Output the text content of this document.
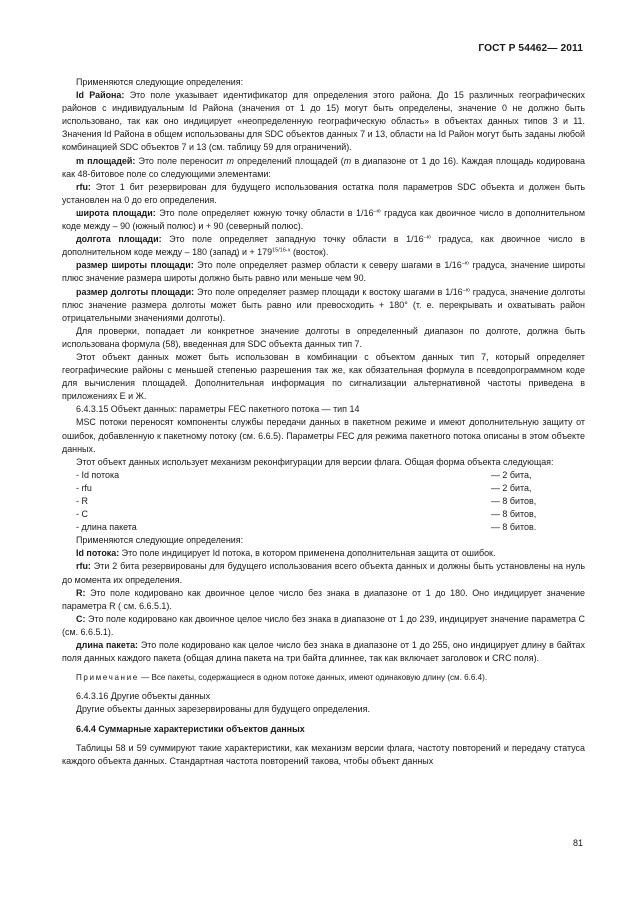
ГОСТ Р 54462— 2011

Применяются следующие определения:

Id Района: Это поле указывает идентификатор для определения этого района. До 15 различных географических районов с индивидуальным Id Района (значения от 1 до 15) могут быть определены, значение 0 не должно быть использовано, так как оно индицирует «неопределенную географическую область» в объектах данных типов 3 и 11. Значения Id Района в общем использованы для SDC объектов данных 7 и 13, области на Id Район могут быть заданы любой комбинацией SDC объектов 7 и 13 (см. таблицу 59 для ограничений).

m площадей: Это поле переносит m определений площадей (m в диапазоне от 1 до 16). Каждая площадь кодирована как 48-битовое поле со следующими элементами:

rfu: Этот 1 бит резервирован для будущего использования остатка поля параметров SDC объекта и должен быть установлен на 0 до его определения.

широта площади: Это поле определяет южную точку области в $1/16^{-ю}$ градуса как двоичное число в дополнительном коде между – 90 (южный полюс) и + 90 (северный полюс).

долгота площади: Это поле определяет западную точку области в $1/16^{-ю}$ градуса, как двоичное число в дополнительном коде между – 180 (запад) $и + 179^{15/16-х}$ (восток).

размер широты площади: Это поле определяет размер области к северу шагами в $1/16^{-ю}$ градуса, значение широты плюс значение размера широты должно быть равно или меньше чем 90.

размер долготы площади: Это поле определяет размер площади к востоку шагами в $1/16^{-ю}$ градуса, значение долготы плюс значение размера долготы может быть равно или превосходить + 180° (т. е. перекрывать и охватывать район отрицательными значениями долготы).

Для проверки, попадает ли конкретное значение долготы в определенный диапазон по долготе, должна быть использована формула (58), введенная для SDC объекта данных тип 7.

Этот объект данных может быть использован в комбинации с объектом данных тип 7, который определяет географические районы с меньшей степенью разрешения так же, как обязательная формула в псевдопрограммном коде для вычисления площадей. Дополнительная информация по сигнализации альтернативной частоты приведена в приложениях Е и Ж.

6.4.3.15 Объект данных: параметры FEC пакетного потока — тип 14

MSC потоки переносят компоненты службы передачи данных в пакетном режиме и имеют дополнительную защиту от ошибок, добавленную к пакетному потоку (см. 6.6.5). Параметры FEC для режима пакетного потока описаны в этом объекте данных.

Этот объект данных использует механизм реконфигурации для версии флага. Общая форма объекта следующая:

- Id потока	— 2 бита,
- rfu	— 2 бита,
- R	— 8 битов,
- C	— 8 битов,
- длина пакета	— 8 битов.

Применяются следующие определения:

Id потока: Это поле индицирует Id потока, в котором применена дополнительная защита от ошибок.

rfu: Эти 2 бита резервированы для будущего использования всего объекта данных и должны быть установлены на нуль до момента их определения.

R: Это поле кодировано как двоичное целое число без знака в диапазоне от 1 до 180. Оно индицирует значение параметра R ( см. 6.6.5.1).

C: Это поле кодировано как двоичное целое число без знака в диапазоне от 1 до 239, индицирует значение параметра C (см. 6.6.5.1).

длина пакета: Это поле кодировано как целое число без знака в диапазоне от 1 до 255, оно индицирует длину в байтах поля данных каждого пакета (общая длина пакета на три байта длиннее, так как включает заголовок и CRC поля).

Примечание — Все пакеты, содержащиеся в одном потоке данных, имеют одинаковую длину (см. 6.6.4).

6.4.3.16 Другие объекты данных

Другие объекты данных зарезервированы для будущего определения.

6.4.4 Суммарные характеристики объектов данных

Таблицы 58 и 59 суммируют такие характеристики, как механизм версии флага, частоту повторений и передачу статуса каждого объекта данных. Стандартная частота повторений такова, чтобы объект данных

81
